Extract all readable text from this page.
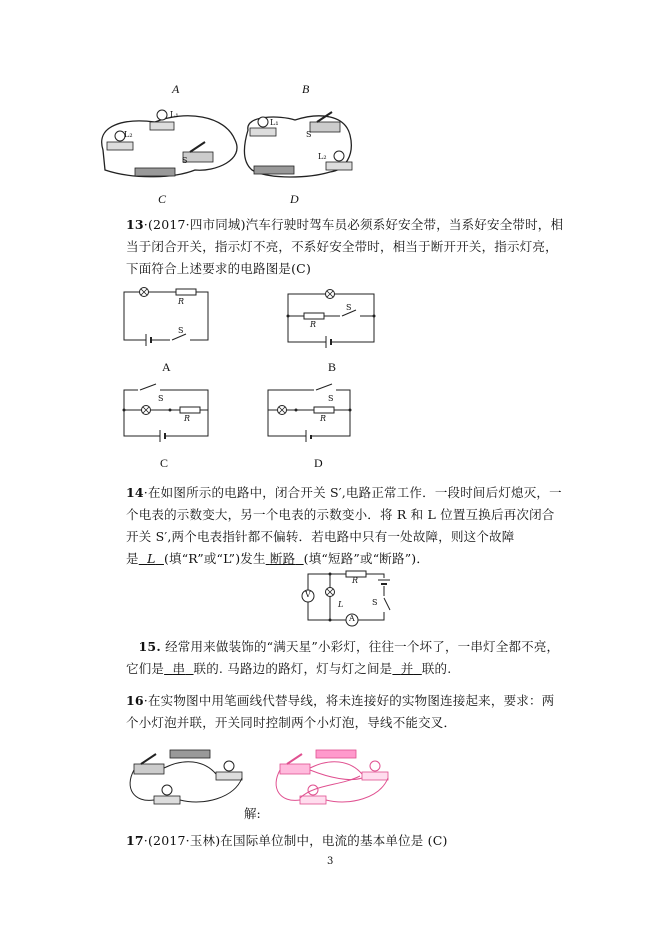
A	B
C	D
L₁
L₂
S
L₁
L₂
S
13·(2017·四市同城)汽车行驶时驾车员必须系好安全带，当系好安全带时，相当于闭合开关，指示灯不亮，不系好安全带时，相当于断开开关，指示灯亮，下面符合上述要求的电路图是(C)
R
S
A
S
R
B
S
R
C
S
R
D
14·在如图所示的电路中，闭合开关 S′,电路正常工作．一段时间后灯熄灭，一个电表的示数变大，另一个电表的示数变小．将 R 和 L 位置互换后再次闭合开关 S′,两个电表指针都不偏转．若电路中只有一处故障，则这个故障是 L (填“R”或“L”)发生 断路 (填“短路”或“断路”)．
V
A
R
L	S
15. 经常用来做装饰的“满天星”小彩灯，往往一个坏了，一串灯全都不亮，它们是 串 联的. 马路边的路灯，灯与灯之间是 并 联的.
16·在实物图中用笔画线代替导线，将未连接好的实物图连接起来，要求：两个小灯泡并联，开关同时控制两个小灯泡，导线不能交叉．
解:
17·(2017·玉林)在国际单位制中，电流的基本单位是 (C)
3
